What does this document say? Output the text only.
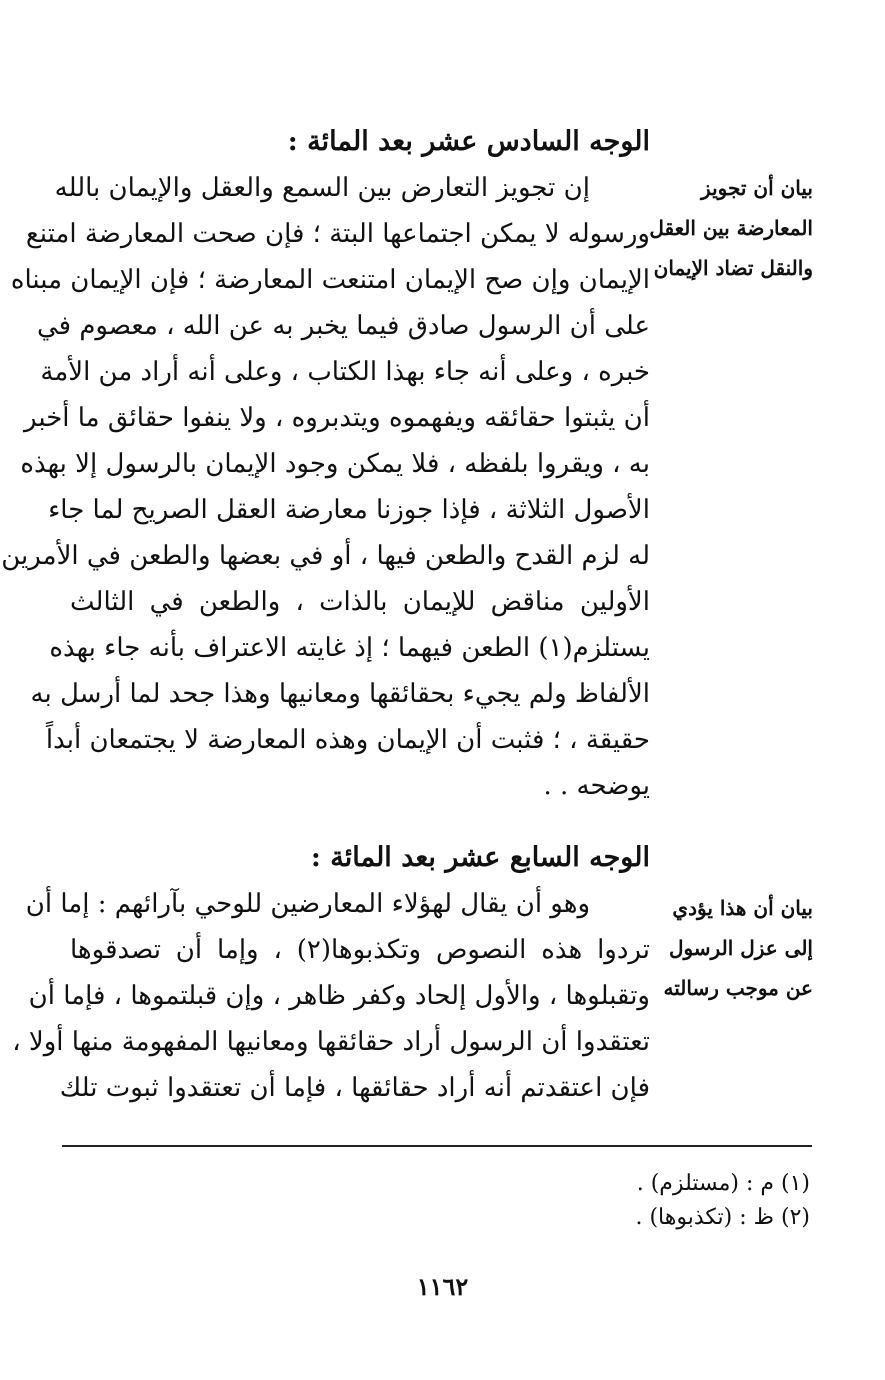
الوجه السادس عشر بعد المائة :
بيان أن تجويز
المعارضة بين العقل
والنقل تضاد الإيمان
إن تجويز التعارض بين السمع والعقل والإيمان بالله
ورسوله لا يمكن اجتماعها البتة ؛ فإن صحت المعارضة امتنع
الإيمان وإن صح الإيمان امتنعت المعارضة ؛ فإن الإيمان مبناه
على أن الرسول صادق فيما يخبر به عن الله ، معصوم في
خبره ، وعلى أنه جاء بهذا الكتاب ، وعلى أنه أراد من الأمة
أن يثبتوا حقائقه ويفهموه ويتدبروه ، ولا ينفوا حقائق ما أخبر
به ، ويقروا بلفظه ، فلا يمكن وجود الإيمان بالرسول إلا بهذه
الأصول الثلاثة ، فإذا جوزنا معارضة العقل الصريح لما جاء
له لزم القدح والطعن فيها ، أو في بعضها والطعن في الأمرين
الأولين مناقض للإيمان بالذات ، والطعن في الثالث
يستلزم(١) الطعن فيهما ؛ إذ غايته الاعتراف بأنه جاء بهذه
الألفاظ ولم يجيء بحقائقها ومعانيها وهذا جحد لما أرسل به
حقيقة ، ؛ فثبت أن الإيمان وهذه المعارضة لا يجتمعان أبداً
يوضحه . .
الوجه السابع عشر بعد المائة :
بيان أن هذا يؤدي
إلى عزل الرسول
عن موجب رسالته
وهو أن يقال لهؤلاء المعارضين للوحي بآرائهم : إما أن
تردوا هذه النصوص وتكذبوها(٢) ، وإما أن تصدقوها
وتقبلوها ، والأول إلحاد وكفر ظاهر ، وإن قبلتموها ، فإما أن
تعتقدوا أن الرسول أراد حقائقها ومعانيها المفهومة منها أولا ،
فإن اعتقدتم أنه أراد حقائقها ، فإما أن تعتقدوا ثبوت تلك
(١) م : (مستلزم) .
(٢) ظ : (تكذبوها) .
١١٦٢
